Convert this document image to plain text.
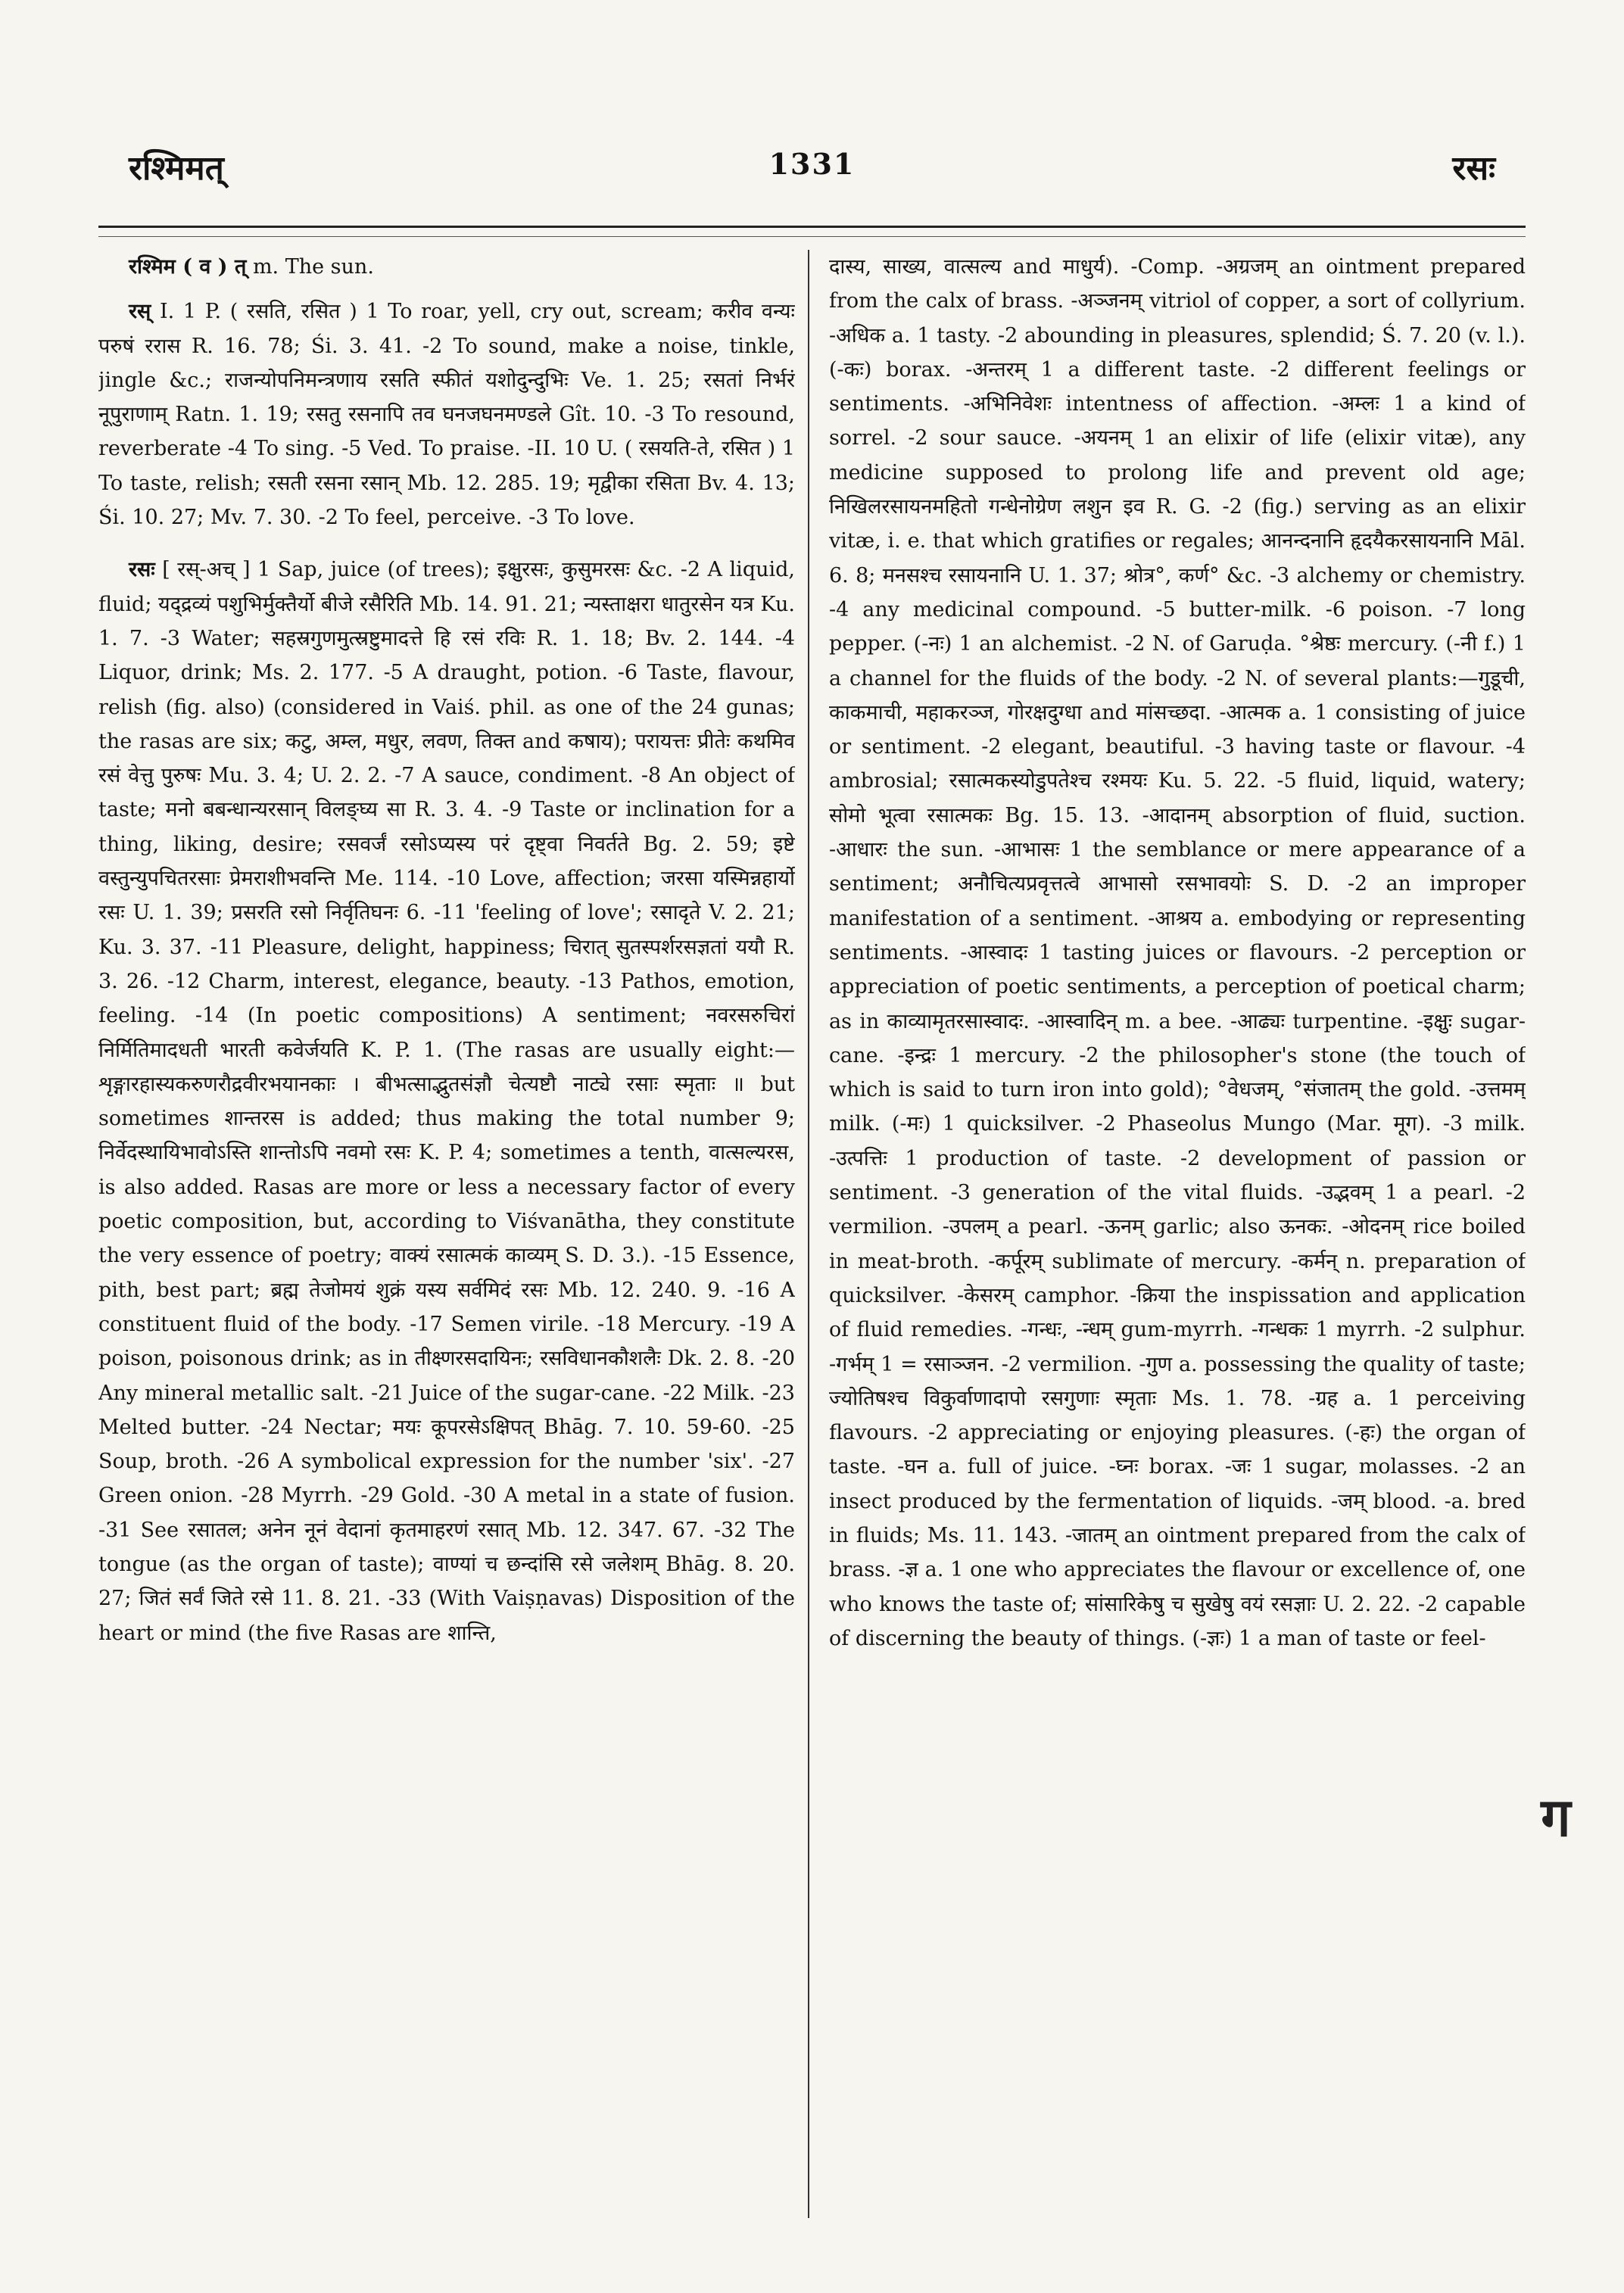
रश्मिमत्	1331	रसः

रश्मिम ( व ) त् m. The sun.

रस् I. 1 P. ( रसति, रसित ) 1 To roar, yell, cry out, scream; करीव वन्यः परुषं ररास R. 16. 78; Śi. 3. 41. -2 To sound, make a noise, tinkle, jingle &c.; राजन्योपनिमन्त्रणाय रसति स्फीतं यशोदुन्दुभिः Ve. 1. 25; रसतां निर्भरं नूपुराणाम् Ratn. 1. 19; रसतु रसनापि तव घनजघनमण्डले Gît. 10. -3 To resound, reverberate -4 To sing. -5 Ved. To praise. -II. 10 U. ( रसयति-ते, रसित ) 1 To taste, relish; रसती रसना रसान् Mb. 12. 285. 19; मृद्वीका रसिता Bv. 4. 13; Śi. 10. 27; Mv. 7. 30. -2 To feel, perceive. -3 To love.

रसः [ रस्-अच् ] 1 Sap, juice (of trees); इक्षुरसः, कुसुमरसः &c. -2 A liquid, fluid; यद्द्रव्यं पशुभिर्मुक्तैर्यो बीजे रसैरिति Mb. 14. 91. 21; न्यस्ताक्षरा धातुरसेन यत्र Ku. 1. 7. -3 Water; सहस्रगुणमुत्स्रष्टुमादत्ते हि रसं रविः R. 1. 18; Bv. 2. 144. -4 Liquor, drink; Ms. 2. 177. -5 A draught, potion. -6 Taste, flavour, relish (fig. also) (considered in Vaiś. phil. as one of the 24 gunas; the rasas are six; कटु, अम्ल, मधुर, लवण, तिक्त and कषाय); परायत्तः प्रीतेः कथमिव रसं वेत्तु पुरुषः Mu. 3. 4; U. 2. 2. -7 A sauce, condiment. -8 An object of taste; मनो बबन्धान्यरसान् विलङ्घ्य सा R. 3. 4. -9 Taste or inclination for a thing, liking, desire; रसवर्जं रसोऽप्यस्य परं दृष्ट्वा निवर्तते Bg. 2. 59; इष्टे वस्तुन्युपचितरसाः प्रेमराशीभवन्ति Me. 114. -10 Love, affection; जरसा यस्मिन्नहार्यो रसः U. 1. 39; प्रसरति रसो निर्वृतिघनः 6. -11 'feeling of love'; रसादृते V. 2. 21; Ku. 3. 37. -11 Pleasure, delight, happiness; चिरात् सुतस्पर्शरसज्ञतां ययौ R. 3. 26. -12 Charm, interest, elegance, beauty. -13 Pathos, emotion, feeling. -14 (In poetic compositions) A sentiment; नवरसरुचिरां निर्मितिमादधती भारती कवेर्जयति K. P. 1. (The rasas are usually eight:— शृङ्गारहास्यकरुणरौद्रवीरभयानकाः । बीभत्साद्भुतसंज्ञौ चेत्यष्टौ नाट्ये रसाः स्मृताः ॥ but sometimes शान्तरस is added; thus making the total number 9; निर्वेदस्थायिभावोऽस्ति शान्तोऽपि नवमो रसः K. P. 4; sometimes a tenth, वात्सल्यरस, is also added. Rasas are more or less a necessary factor of every poetic composition, but, according to Viśvanātha, they constitute the very essence of poetry; वाक्यं रसात्मकं काव्यम् S. D. 3.). -15 Essence, pith, best part; ब्रह्म तेजोमयं शुक्रं यस्य सर्वमिदं रसः Mb. 12. 240. 9. -16 A constituent fluid of the body. -17 Semen virile. -18 Mercury. -19 A poison, poisonous drink; as in तीक्ष्णरसदायिनः; रसविधानकौशलैः Dk. 2. 8. -20 Any mineral metallic salt. -21 Juice of the sugar-cane. -22 Milk. -23 Melted butter. -24 Nectar; मयः कूपरसेऽक्षिपत् Bhāg. 7. 10. 59-60. -25 Soup, broth. -26 A symbolical expression for the number 'six'. -27 Green onion. -28 Myrrh. -29 Gold. -30 A metal in a state of fusion. -31 See रसातल; अनेन नूनं वेदानां कृतमाहरणं रसात् Mb. 12. 347. 67. -32 The tongue (as the organ of taste); वाण्यां च छन्दांसि रसे जलेशम् Bhāg. 8. 20. 27; जितं सर्वं जिते रसे 11. 8. 21. -33 (With Vaiṣṇavas) Disposition of the heart or mind (the five Rasas are शान्ति,

दास्य, साख्य, वात्सल्य and माधुर्य). -Comp. -अग्रजम् an ointment prepared from the calx of brass. -अञ्जनम् vitriol of copper, a sort of collyrium. -अधिक a. 1 tasty. -2 abounding in pleasures, splendid; Ś. 7. 20 (v. l.). (-कः) borax. -अन्तरम् 1 a different taste. -2 different feelings or sentiments. -अभिनिवेशः intentness of affection. -अम्लः 1 a kind of sorrel. -2 sour sauce. -अयनम् 1 an elixir of life (elixir vitæ), any medicine supposed to prolong life and prevent old age; निखिलरसायनमहितो गन्धेनोग्रेण लशुन इव R. G. -2 (fig.) serving as an elixir vitæ, i. e. that which gratifies or regales; आनन्दनानि हृदयैकरसायनानि Māl. 6. 8; मनसश्च रसायनानि U. 1. 37; श्रोत्र°, कर्ण° &c. -3 alchemy or chemistry. -4 any medicinal compound. -5 butter-milk. -6 poison. -7 long pepper. (-नः) 1 an alchemist. -2 N. of Garuḍa. °श्रेष्ठः mercury. (-नी f.) 1 a channel for the fluids of the body. -2 N. of several plants:—गुडूची, काकमाची, महाकरञ्ज, गोरक्षदुग्धा and मांसच्छदा. -आत्मक a. 1 consisting of juice or sentiment. -2 elegant, beautiful. -3 having taste or flavour. -4 ambrosial; रसात्मकस्योडुपतेश्च रश्मयः Ku. 5. 22. -5 fluid, liquid, watery; सोमो भूत्वा रसात्मकः Bg. 15. 13. -आदानम् absorption of fluid, suction. -आधारः the sun. -आभासः 1 the semblance or mere appearance of a sentiment; अनौचित्यप्रवृत्तत्वे आभासो रसभावयोः S. D. -2 an improper manifestation of a sentiment. -आश्रय a. embodying or representing sentiments. -आस्वादः 1 tasting juices or flavours. -2 perception or appreciation of poetic sentiments, a perception of poetical charm; as in काव्यामृतरसास्वादः. -आस्वादिन् m. a bee. -आढ्यः turpentine. -इक्षुः sugar-cane. -इन्द्रः 1 mercury. -2 the philosopher's stone (the touch of which is said to turn iron into gold); °वेधजम्, °संजातम् the gold. -उत्तमम् milk. (-मः) 1 quicksilver. -2 Phaseolus Mungo (Mar. मूग). -3 milk. -उत्पत्तिः 1 production of taste. -2 development of passion or sentiment. -3 generation of the vital fluids. -उद्भवम् 1 a pearl. -2 vermilion. -उपलम् a pearl. -ऊनम् garlic; also ऊनकः. -ओदनम् rice boiled in meat-broth. -कर्पूरम् sublimate of mercury. -कर्मन् n. preparation of quicksilver. -केसरम् camphor. -क्रिया the inspissation and application of fluid remedies. -गन्धः, -न्धम् gum-myrrh. -गन्धकः 1 myrrh. -2 sulphur. -गर्भम् 1 = रसाञ्जन. -2 vermilion. -गुण a. possessing the quality of taste; ज्योतिषश्च विकुर्वाणादापो रसगुणाः स्मृताः Ms. 1. 78. -ग्रह a. 1 perceiving flavours. -2 appreciating or enjoying pleasures. (-हः) the organ of taste. -घन a. full of juice. -घ्नः borax. -जः 1 sugar, molasses. -2 an insect produced by the fermentation of liquids. -जम् blood. -a. bred in fluids; Ms. 11. 143. -जातम् an ointment prepared from the calx of brass. -ज्ञ a. 1 one who appreciates the flavour or excellence of, one who knows the taste of; सांसारिकेषु च सुखेषु वयं रसज्ञाः U. 2. 22. -2 capable of discerning the beauty of things. (-ज्ञः) 1 a man of taste or feel-

ग
